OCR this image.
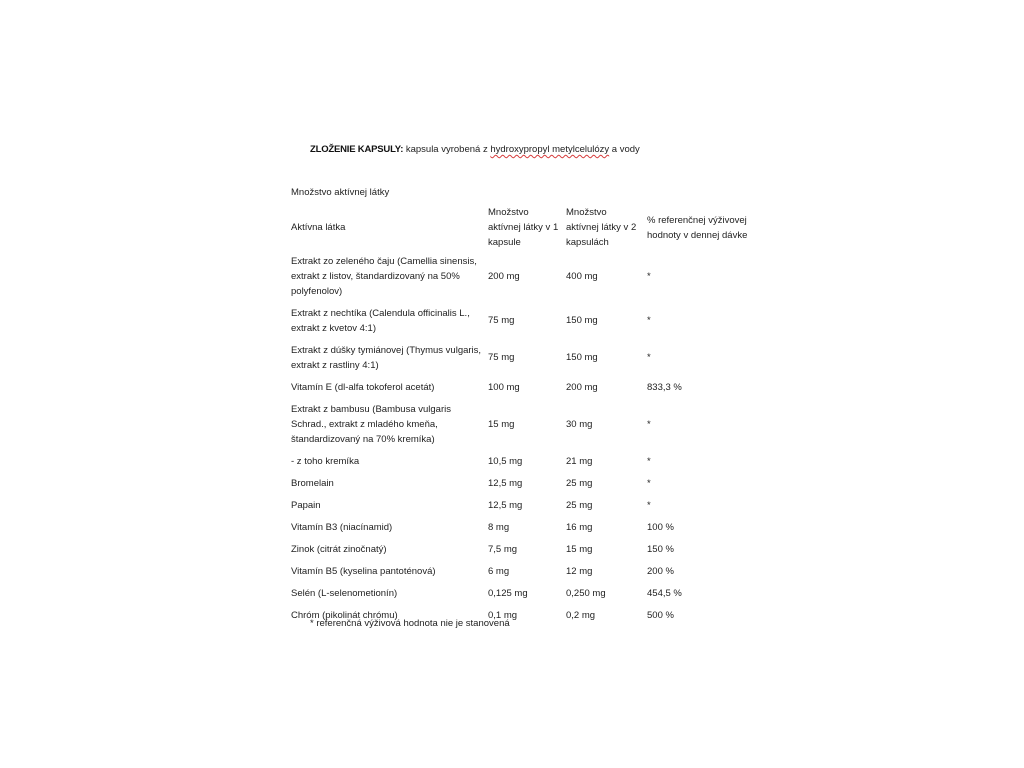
ZLOŽENIE KAPSULY: kapsula vyrobená z hydroxypropyl metylcelulózy a vody
Množstvo aktívnej látky
Aktívna látka	Množstvo aktívnej látky v 1 kapsule	Množstvo aktívnej látky v 2 kapsulách	% referenčnej výživovej hodnoty v dennej dávke
Extrakt zo zeleného čaju (Camellia sinensis, extrakt z listov, štandardizovaný na 50% polyfenolov)	200 mg	400 mg	*
Extrakt z nechtíka (Calendula officinalis L., extrakt z kvetov 4:1)	75 mg	150 mg	*
Extrakt z dúšky tymiánovej (Thymus vulgaris, extrakt z rastliny 4:1)	75 mg	150 mg	*
Vitamín E (dl-alfa tokoferol acetát)	100 mg	200 mg	833,3 %
Extrakt z bambusu (Bambusa vulgaris Schrad., extrakt z mladého kmeňa, štandardizovaný na 70% kremíka)	15 mg	30 mg	*
- z toho kremíka	10,5 mg	21 mg	*
Bromelain	12,5 mg	25 mg	*
Papain	12,5 mg	25 mg	*
Vitamín B3 (niacínamid)	8 mg	16 mg	100 %
Zinok (citrát zinočnatý)	7,5 mg	15 mg	150 %
Vitamín B5 (kyselina pantoténová)	6 mg	12 mg	200 %
Selén (L-selenometionín)	0,125 mg	0,250 mg	454,5 %
Chróm (pikolinát chrómu)	0,1 mg	0,2 mg	500 %
* referenčná výživová hodnota nie je stanovená
